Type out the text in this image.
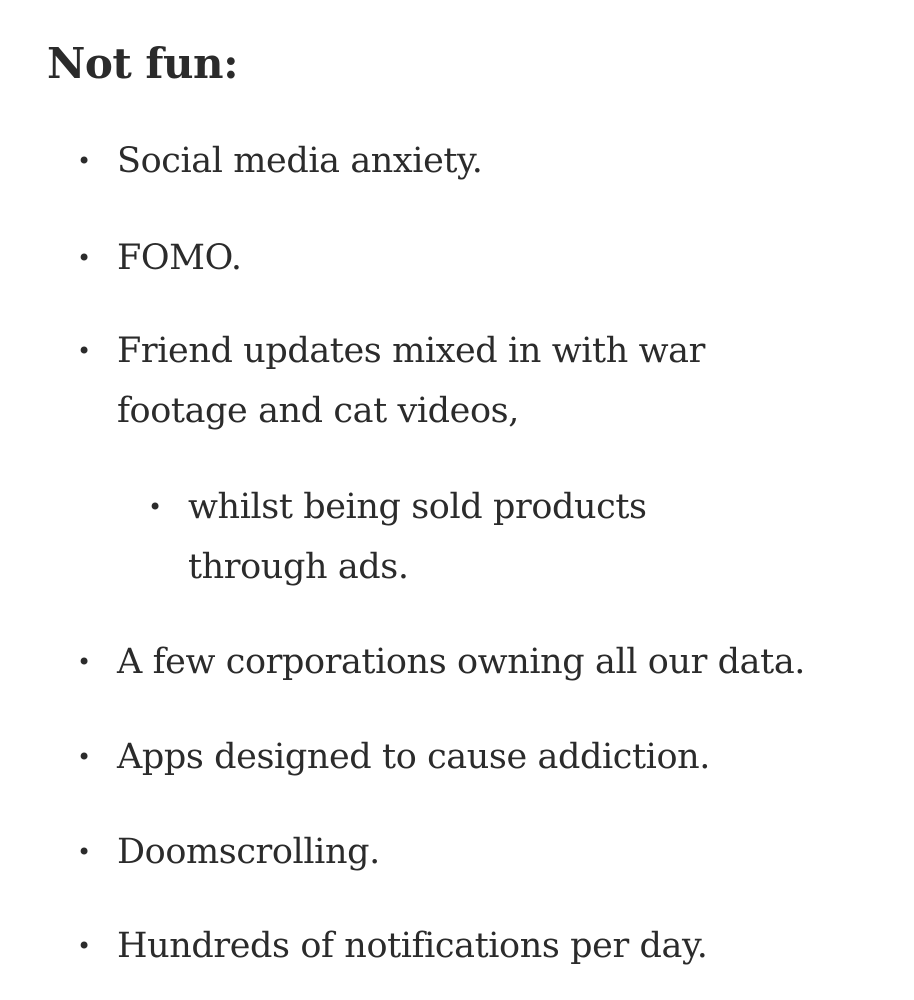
Not fun:
• Social media anxiety.
• FOMO.
• Friend updates mixed in with war
footage and cat videos,
• whilst being sold products
through ads.
• A few corporations owning all our data.
• Apps designed to cause addiction.
• Doomscrolling.
• Hundreds of notifications per day.
